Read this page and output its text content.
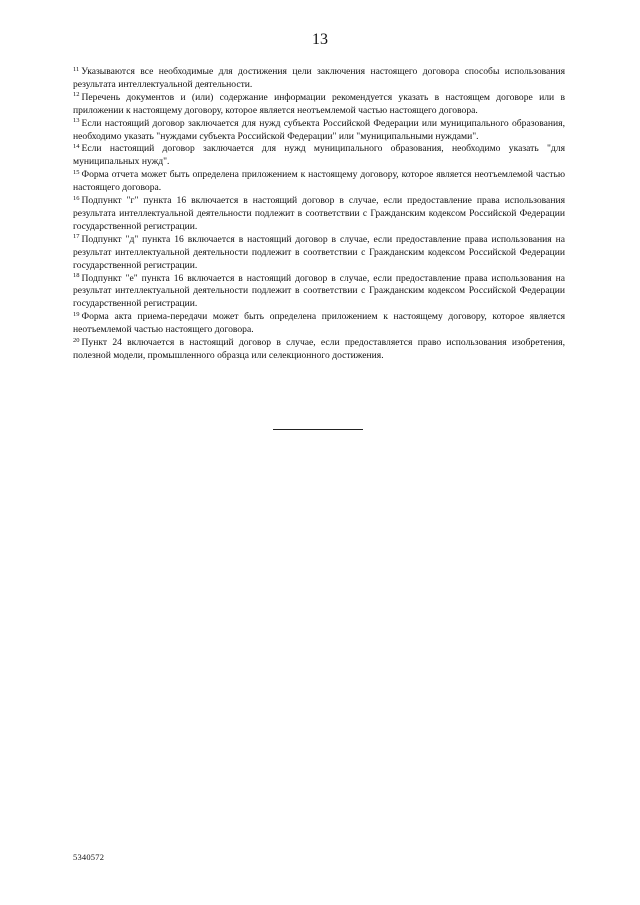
13

$^{11}$ Указываются все необходимые для достижения цели заключения настоящего договора способы использования результата интеллектуальной деятельности.

$^{12}$ Перечень документов и (или) содержание информации рекомендуется указать в настоящем договоре или в приложении к настоящему договору, которое является неотъемлемой частью настоящего договора.

$^{13}$ Если настоящий договор заключается для нужд субъекта Российской Федерации или муниципального образования, необходимо указать "нуждами субъекта Российской Федерации" или "муниципальными нуждами".

$^{14}$ Если настоящий договор заключается для нужд муниципального образования, необходимо указать "для муниципальных нужд".

$^{15}$ Форма отчета может быть определена приложением к настоящему договору, которое является неотъемлемой частью настоящего договора.

$^{16}$ Подпункт "г" пункта 16 включается в настоящий договор в случае, если предоставление права использования результата интеллектуальной деятельности подлежит в соответствии с Гражданским кодексом Российской Федерации государственной регистрации.

$^{17}$ Подпункт "д" пункта 16 включается в настоящий договор в случае, если предоставление права использования на результат интеллектуальной деятельности подлежит в соответствии с Гражданским кодексом Российской Федерации государственной регистрации.

$^{18}$ Подпункт "е" пункта 16 включается в настоящий договор в случае, если предоставление права использования на результат интеллектуальной деятельности подлежит в соответствии с Гражданским кодексом Российской Федерации государственной регистрации.

$^{19}$ Форма акта приема-передачи может быть определена приложением к настоящему договору, которое является неотъемлемой частью настоящего договора.

$^{20}$ Пункт 24 включается в настоящий договор в случае, если предоставляется право использования изобретения, полезной модели, промышленного образца или селекционного достижения.

5340572
